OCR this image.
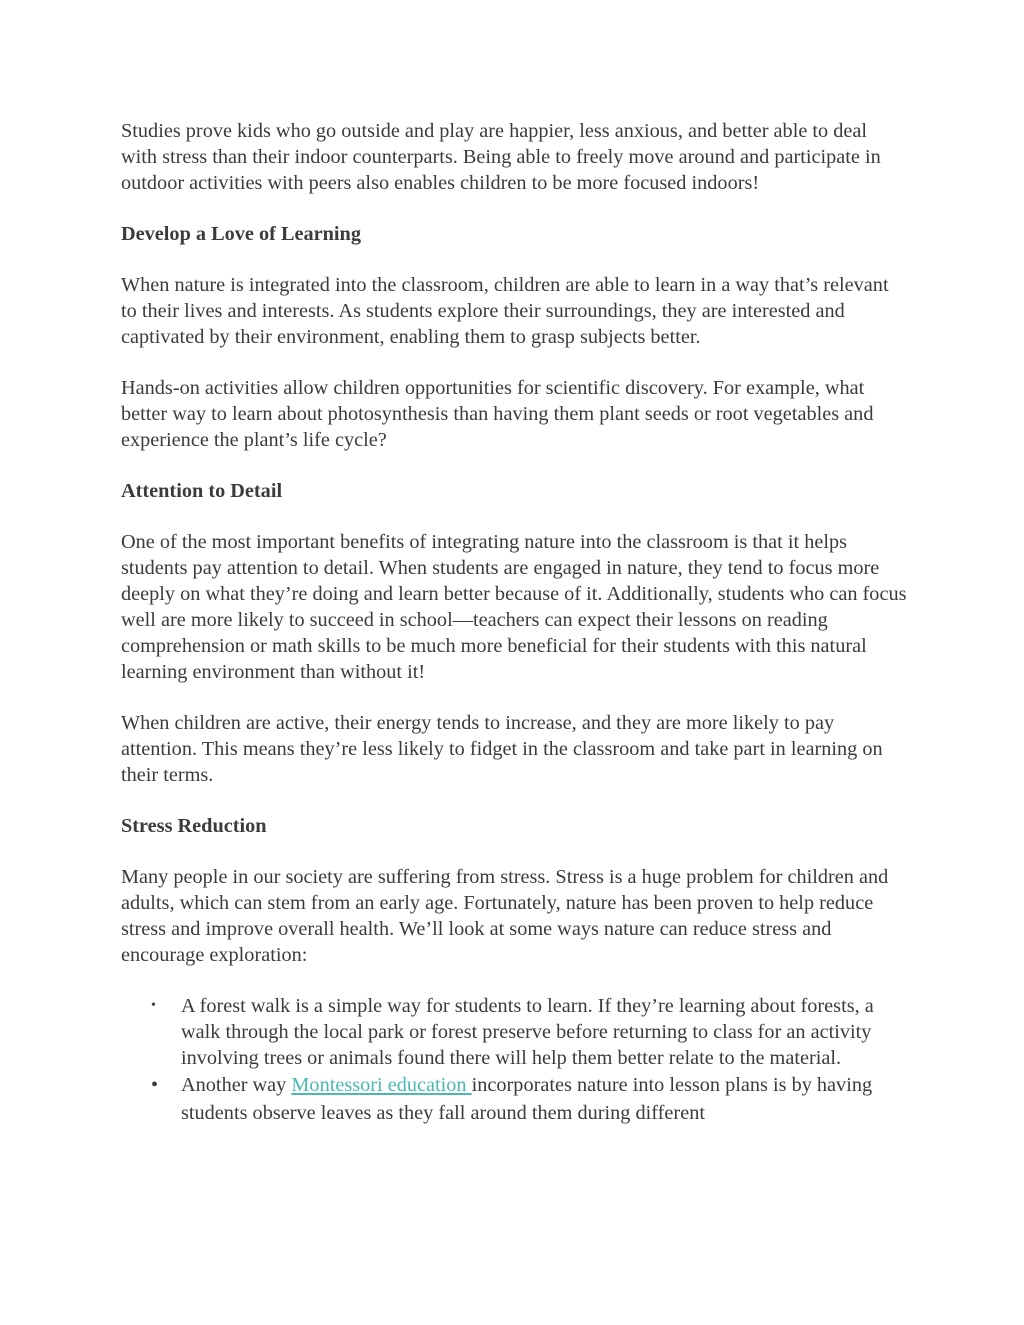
Studies prove kids who go outside and play are happier, less anxious, and better able to deal with stress than their indoor counterparts. Being able to freely move around and participate in outdoor activities with peers also enables children to be more focused indoors!

Develop a Love of Learning

When nature is integrated into the classroom, children are able to learn in a way that’s relevant to their lives and interests. As students explore their surroundings, they are interested and captivated by their environment, enabling them to grasp subjects better.

Hands-on activities allow children opportunities for scientific discovery. For example, what better way to learn about photosynthesis than having them plant seeds or root vegetables and experience the plant’s life cycle?

Attention to Detail

One of the most important benefits of integrating nature into the classroom is that it helps students pay attention to detail. When students are engaged in nature, they tend to focus more deeply on what they’re doing and learn better because of it. Additionally, students who can focus well are more likely to succeed in school—teachers can expect their lessons on reading comprehension or math skills to be much more beneficial for their students with this natural learning environment than without it!

When children are active, their energy tends to increase, and they are more likely to pay attention. This means they’re less likely to fidget in the classroom and take part in learning on their terms.

Stress Reduction

Many people in our society are suffering from stress. Stress is a huge problem for children and adults, which can stem from an early age. Fortunately, nature has been proven to help reduce stress and improve overall health. We’ll look at some ways nature can reduce stress and encourage exploration:

• A forest walk is a simple way for students to learn. If they’re learning about forests, a walk through the local park or forest preserve before returning to class for an activity involving trees or animals found there will help them better relate to the material.
• Another way Montessori education incorporates nature into lesson plans is by having students observe leaves as they fall around them during different
